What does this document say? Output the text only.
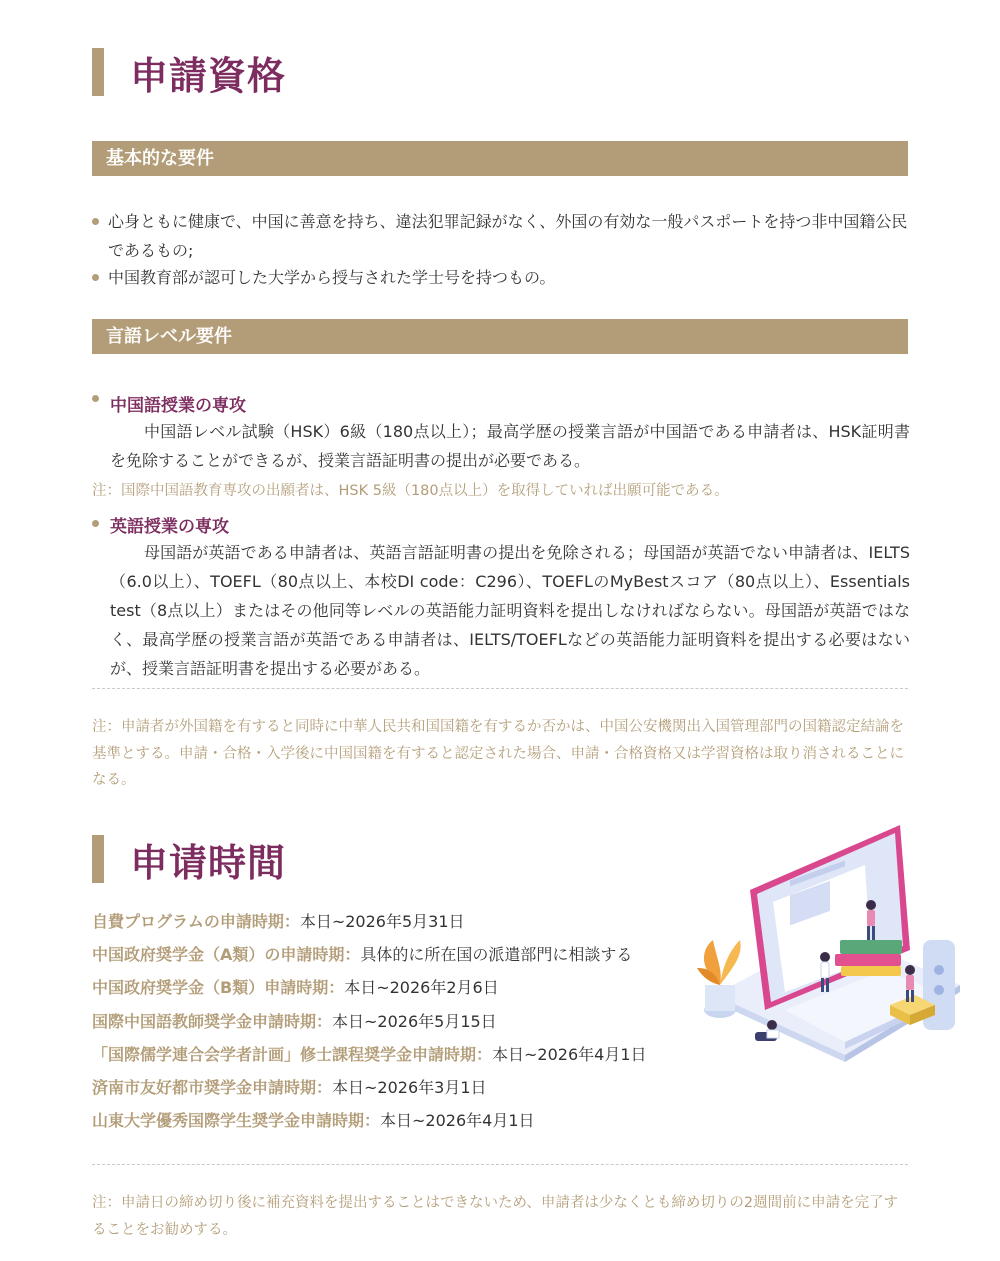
申請資格
基本的な要件
心身ともに健康で、中国に善意を持ち、違法犯罪記録がなく、外国の有効な一般パスポートを持つ非中国籍公民であるもの;
中国教育部が認可した大学から授与された学士号を持つもの。
言語レベル要件
中国語授業の専攻
中国語レベル試験（HSK）6級（180点以上）；最高学歴の授業言語が中国語である申請者は、HSK証明書を免除することができるが、授業言語証明書の提出が必要である。
注：国際中国語教育専攻の出願者は、HSK 5級（180点以上）を取得していれば出願可能である。
英語授業の専攻
母国語が英語である申請者は、英語言語証明書の提出を免除される；母国語が英語でない申請者は、IELTS（6.0以上）、TOEFL（80点以上、本校DI code：C296）、TOEFLのMyBestスコア（80点以上）、Essentials test（8点以上）またはその他同等レベルの英語能力証明資料を提出しなければならない。母国語が英語ではなく、最高学歴の授業言語が英語である申請者は、IELTS/TOEFLなどの英語能力証明資料を提出する必要はないが、授業言語証明書を提出する必要がある。
注：申請者が外国籍を有すると同時に中華人民共和国国籍を有するか否かは、中国公安機関出入国管理部門の国籍認定結論を基準とする。申請・合格・入学後に中国国籍を有すると認定された場合、申請・合格資格又は学習資格は取り消されることになる。
申请時間
自費プログラムの申請時期：本日~2026年5月31日
中国政府奨学金（A類）の申請時期：具体的に所在国の派遣部門に相談する
中国政府奨学金（B類）申請時期：本日~2026年2月6日
国際中国語教師奨学金申請時期：本日~2026年5月15日
「国際儒学連合会学者計画」修士課程奨学金申請時期：本日~2026年4月1日
済南市友好都市奨学金申請時期：本日~2026年3月1日
山東大学優秀国際学生奨学金申請時期：本日~2026年4月1日
注：申請日の締め切り後に補充資料を提出することはできないため、申請者は少なくとも締め切りの2週間前に申請を完了することをお勧めする。
